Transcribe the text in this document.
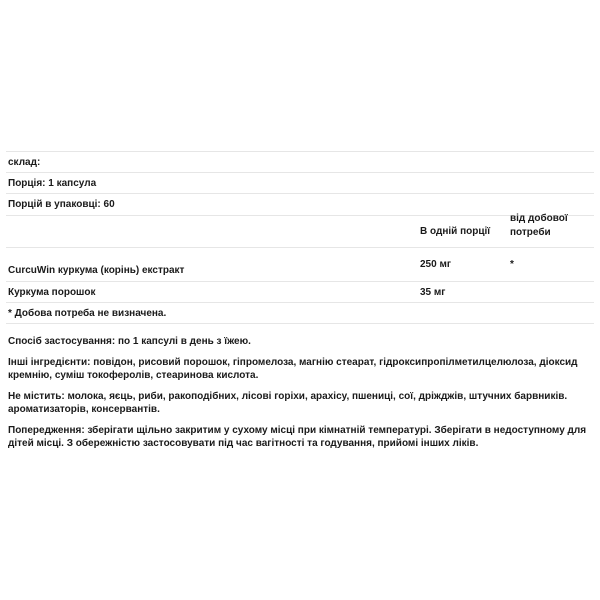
склад:		
Порція: 1 капсула		
Порцій в упаковці: 60		
	В одній порції	від добової потреби

CurcuWin куркума (корінь) екстракт	250 мг	*
Куркума порошок	35 мг	
* Добова потреба не визначена.		

Спосіб застосування: по 1 капсулі в день з їжею.

Інші інгредієнти: повідон, рисовий порошок, гіпромелоза, магнію стеарат, гідроксипропілметилцелюлоза, діоксид кремнію, суміш токоферолів, стеаринова кислота.

Не містить: молока, яєць, риби, ракоподібних, лісові горіхи, арахісу, пшениці, сої, дріжджів, штучних барвників. ароматизаторів, консервантів.

Попередження: зберігати щільно закритим у сухому місці при кімнатній температурі. Зберігати в недоступному для дітей місці. З обережністю застосовувати під час вагітності та годування, прийомі інших ліків.
